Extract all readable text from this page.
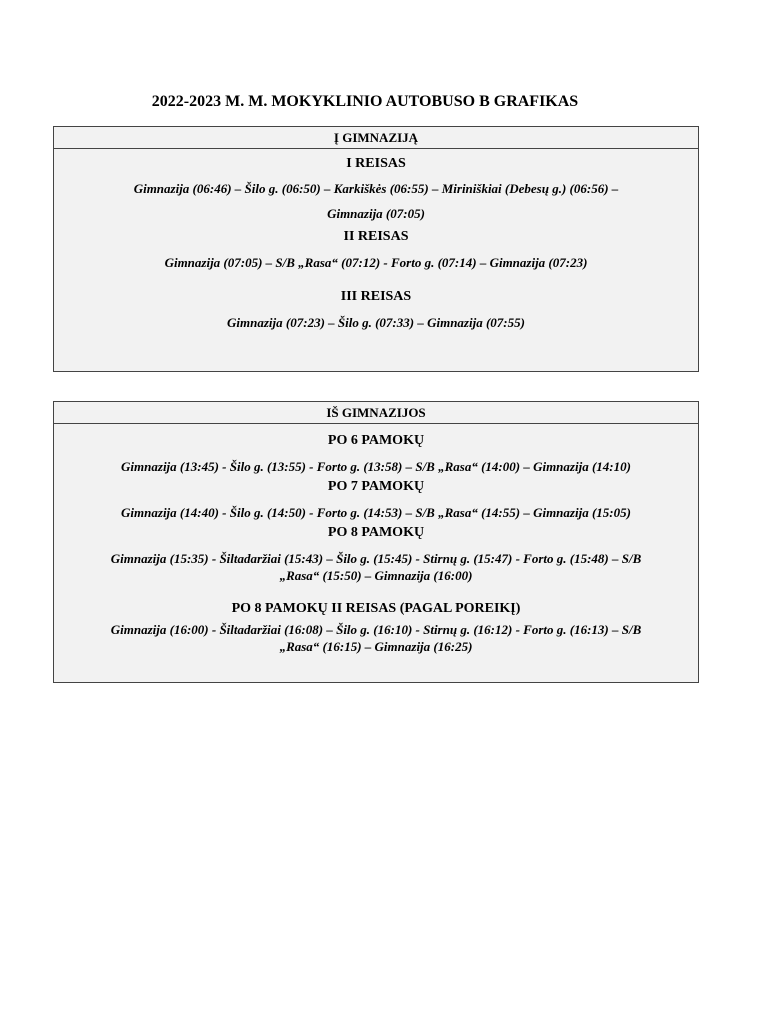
2022-2023 M. M. MOKYKLINIO AUTOBUSO B GRAFIKAS
Į GIMNAZIJĄ

I REISAS

Gimnazija (06:46) – Šilo g. (06:50) – Karkiškės (06:55) – Miriniškiai (Debesų g.) (06:56) –

Gimnazija (07:05)

II REISAS

Gimnazija (07:05) – S/B „Rasa“ (07:12) - Forto g. (07:14) – Gimnazija (07:23)

III REISAS

Gimnazija (07:23) – Šilo g. (07:33) – Gimnazija (07:55)

IŠ GIMNAZIJOS

PO 6 PAMOKŲ

Gimnazija (13:45) - Šilo g. (13:55) - Forto g. (13:58) – S/B „Rasa“ (14:00) – Gimnazija (14:10)

PO 7 PAMOKŲ

Gimnazija (14:40) - Šilo g. (14:50) - Forto g. (14:53) – S/B „Rasa“ (14:55) – Gimnazija (15:05)

PO 8 PAMOKŲ

Gimnazija (15:35) - Šiltadaržiai (15:43) – Šilo g. (15:45) - Stirnų g. (15:47) - Forto g. (15:48) – S/B

„Rasa“ (15:50) – Gimnazija (16:00)

PO 8 PAMOKŲ II REISAS (PAGAL POREIKĮ)

Gimnazija (16:00) - Šiltadaržiai (16:08) – Šilo g. (16:10) - Stirnų g. (16:12) - Forto g. (16:13) – S/B

„Rasa“ (16:15) – Gimnazija (16:25)
